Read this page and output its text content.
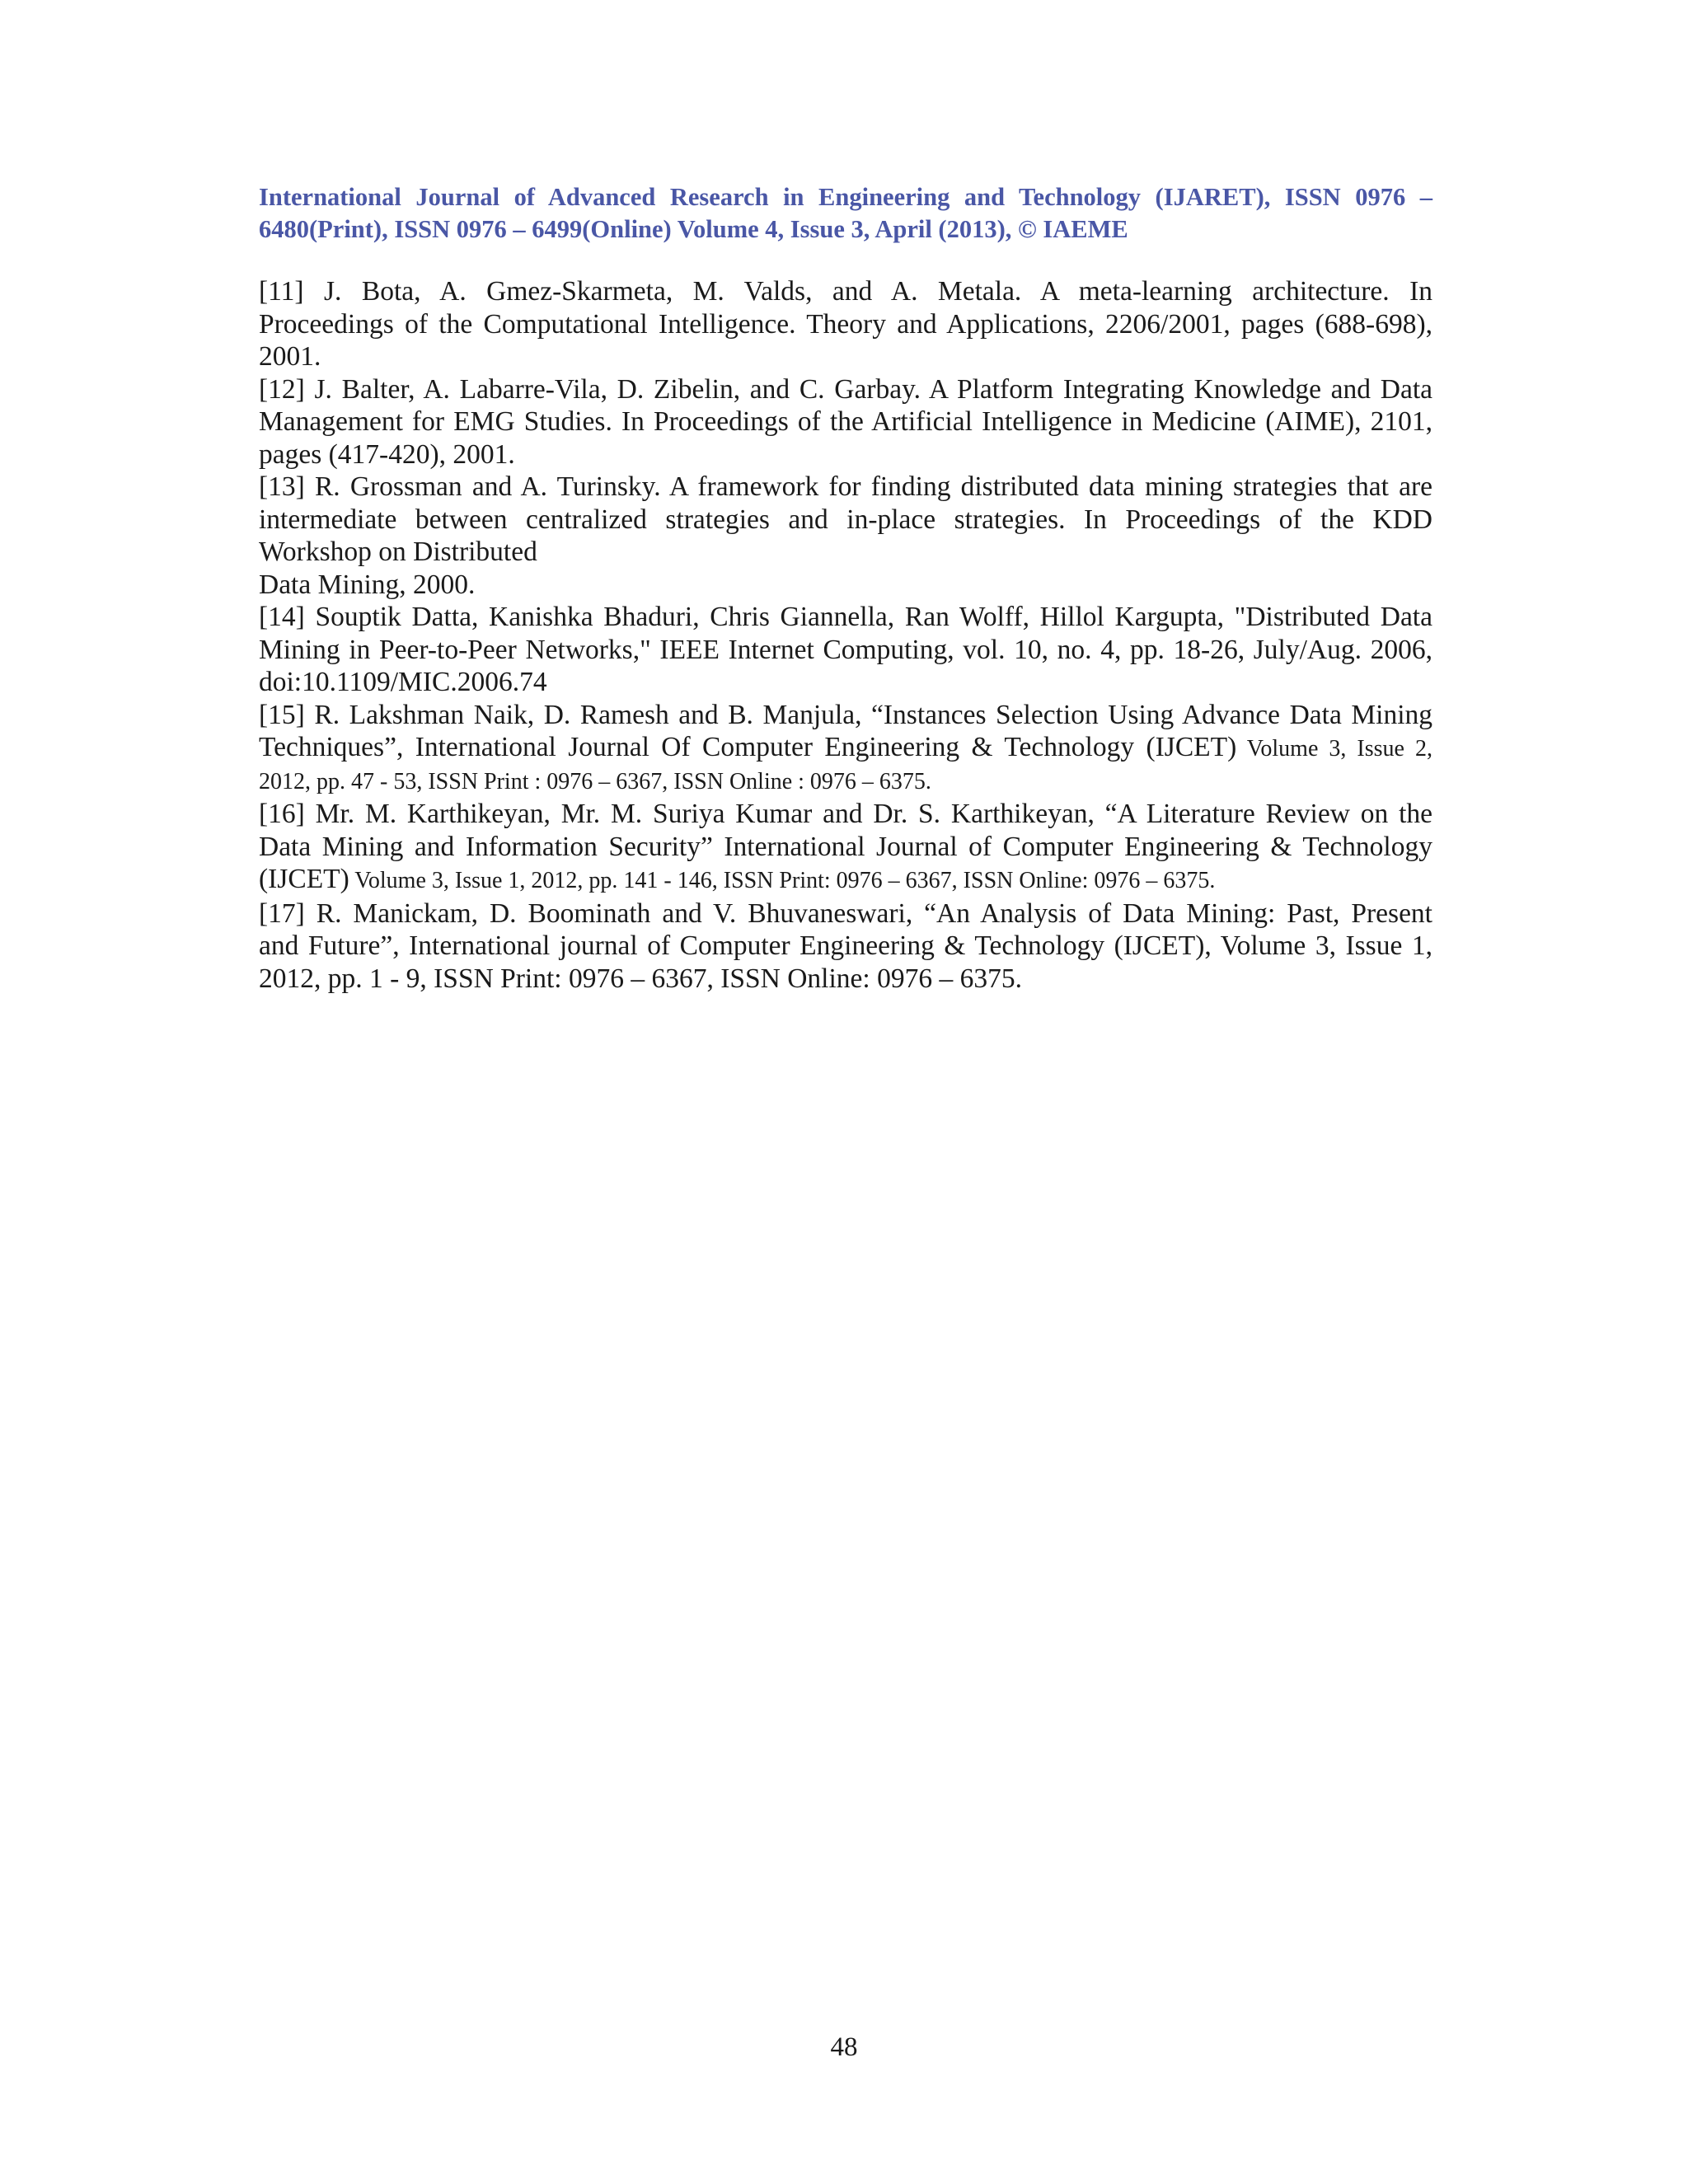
International Journal of Advanced Research in Engineering and Technology (IJARET), ISSN 0976 –
6480(Print), ISSN 0976 – 6499(Online) Volume 4, Issue 3, April (2013), © IAEME

[11] J. Bota, A. Gmez-Skarmeta, M. Valds, and A. Metala. A meta-learning architecture. In
Proceedings of the Computational Intelligence. Theory and Applications, 2206/2001, pages (688-698),
2001.

[12] J. Balter, A. Labarre-Vila, D. Zibelin, and C. Garbay. A Platform Integrating Knowledge and Data
Management for EMG Studies. In Proceedings of the Artificial Intelligence in Medicine (AIME), 2101,
pages (417-420), 2001.

[13] R. Grossman and A. Turinsky. A framework for finding distributed data mining strategies that are
intermediate between centralized strategies and in-place strategies. In Proceedings of the KDD
Workshop on Distributed
Data Mining, 2000.

[14] Souptik Datta, Kanishka Bhaduri, Chris Giannella, Ran Wolff, Hillol Kargupta, "Distributed Data
Mining in Peer-to-Peer Networks," IEEE Internet Computing, vol. 10, no. 4, pp. 18-26, July/Aug. 2006,
doi:10.1109/MIC.2006.74

[15] R. Lakshman Naik, D. Ramesh and B. Manjula, “Instances Selection Using Advance Data Mining
Techniques”, International Journal Of Computer Engineering & Technology (IJCET) Volume 3, Issue 2,
2012, pp. 47 - 53, ISSN Print : 0976 – 6367, ISSN Online : 0976 – 6375.

[16] Mr. M. Karthikeyan, Mr. M. Suriya Kumar and Dr. S. Karthikeyan, “A Literature Review on the
Data Mining and Information Security” International Journal of Computer Engineering & Technology
(IJCET) Volume 3, Issue 1, 2012, pp. 141 - 146, ISSN Print: 0976 – 6367, ISSN Online: 0976 – 6375.

[17] R. Manickam, D. Boominath and V. Bhuvaneswari, “An Analysis of Data Mining: Past, Present
and Future”, International journal of Computer Engineering & Technology (IJCET), Volume 3, Issue 1,
2012, pp. 1 - 9, ISSN Print: 0976 – 6367, ISSN Online: 0976 – 6375.

48
